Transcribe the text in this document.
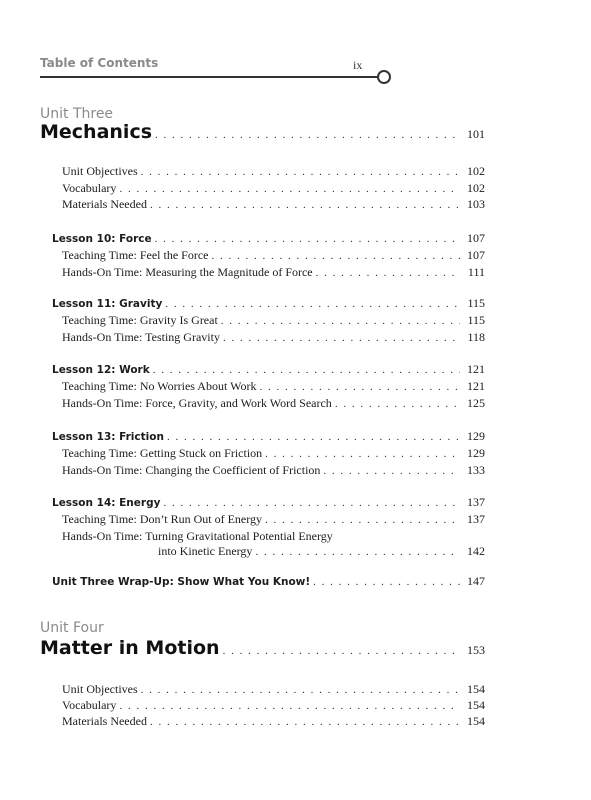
Table of Contents	ix
Unit Three
Mechanics . . .	101
Unit Objectives . . .	102
Vocabulary . . .	102
Materials Needed . . .	103
Lesson 10: Force . . .	107
Teaching Time: Feel the Force . . .	107
Hands-On Time: Measuring the Magnitude of Force . . .	111
Lesson 11: Gravity . . .	115
Teaching Time: Gravity Is Great . . .	115
Hands-On Time: Testing Gravity . . .	118
Lesson 12: Work . . .	121
Teaching Time: No Worries About Work . . .	121
Hands-On Time: Force, Gravity, and Work Word Search . . .	125
Lesson 13: Friction . . .	129
Teaching Time: Getting Stuck on Friction . . .	129
Hands-On Time: Changing the Coefficient of Friction . . .	133
Lesson 14: Energy . . .	137
Teaching Time: Don’t Run Out of Energy . . .	137
Hands-On Time: Turning Gravitational Potential Energy
into Kinetic Energy . . .	142
Unit Three Wrap-Up: Show What You Know! . . .	147
Unit Four
Matter in Motion . . .	153
Unit Objectives . . .	154
Vocabulary . . .	154
Materials Needed . . .	154
